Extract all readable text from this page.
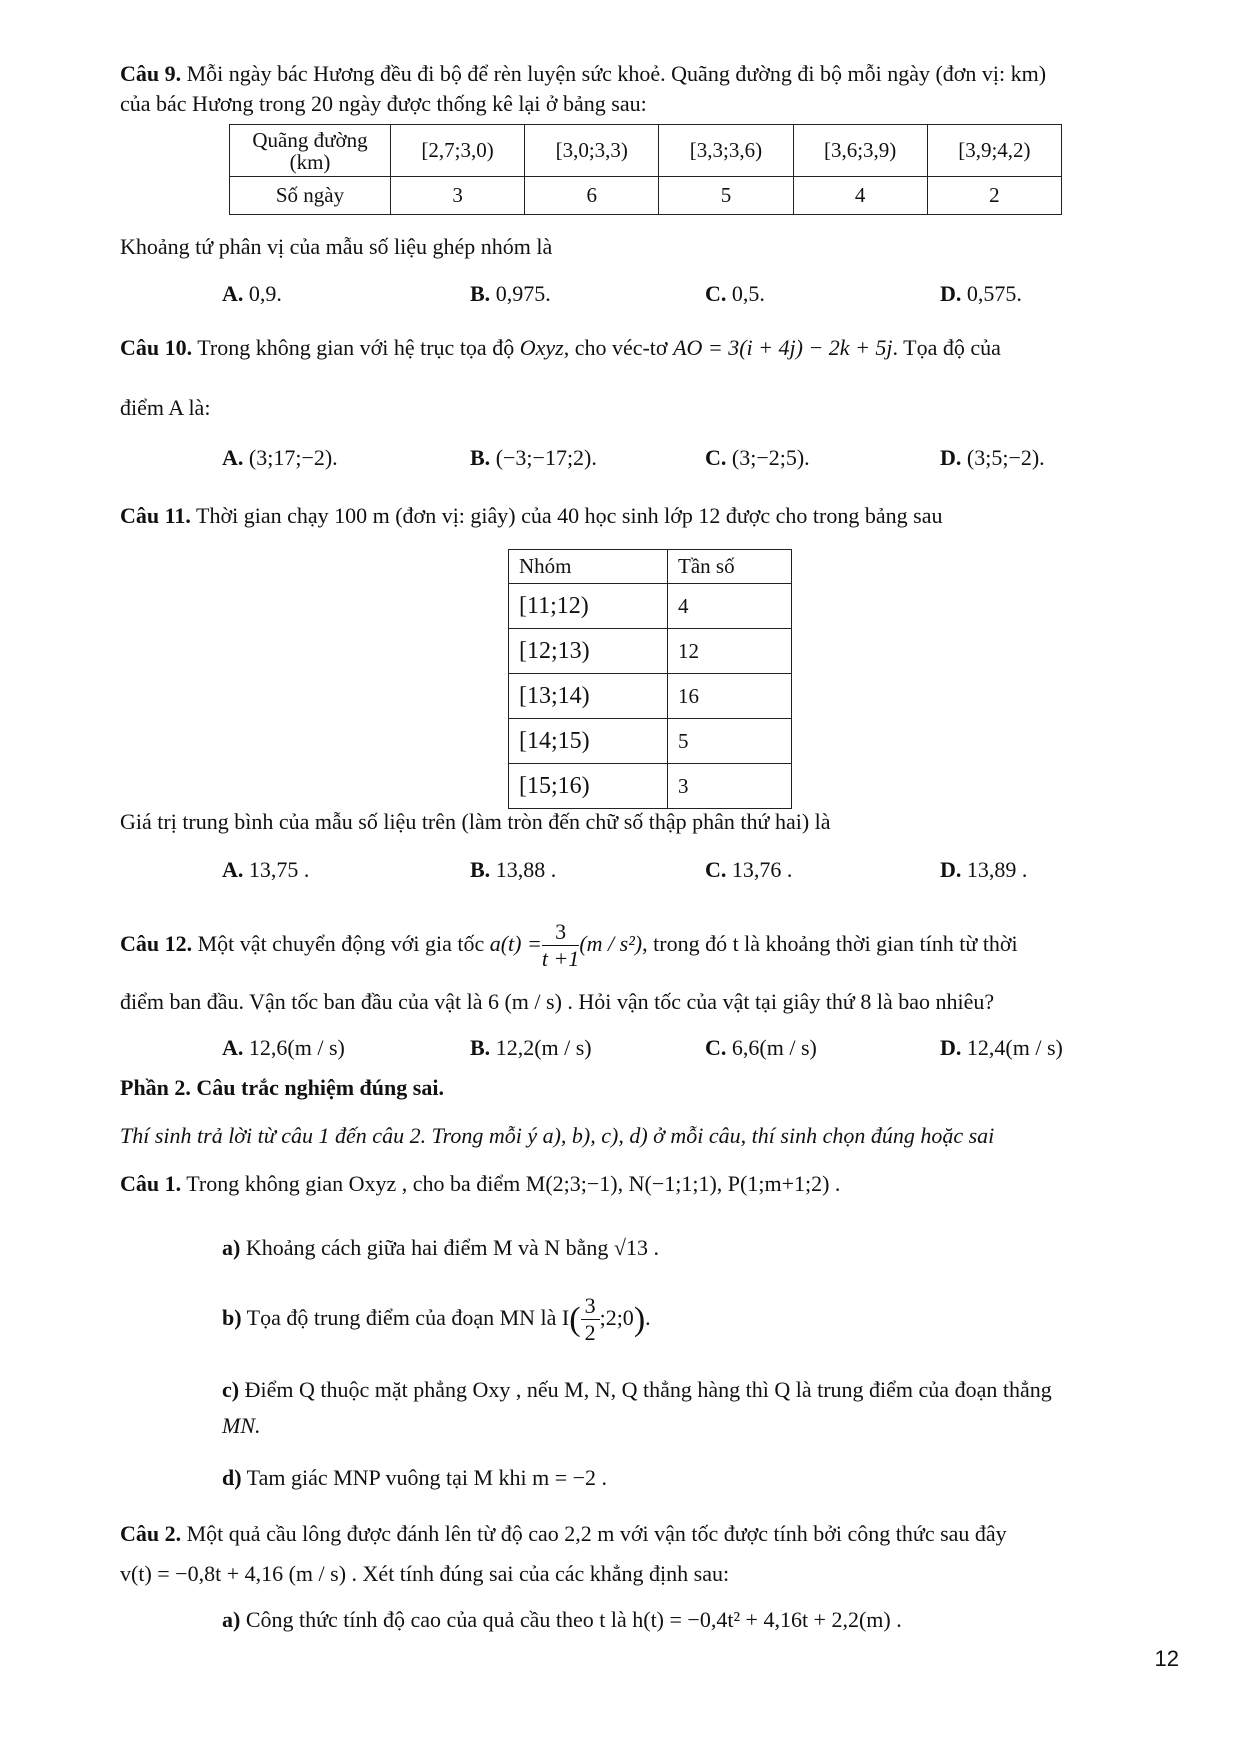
Câu 9. Mỗi ngày bác Hương đều đi bộ để rèn luyện sức khoẻ. Quãng đường đi bộ mỗi ngày (đơn vị: km)
của bác Hương trong 20 ngày được thống kê lại ở bảng sau:
Quãng đường
(km)	[2,7;3,0)	[3,0;3,3)	[3,3;3,6)	[3,6;3,9)	[3,9;4,2)
Số ngày	3	6	5	4	2
Khoảng tứ phân vị của mẫu số liệu ghép nhóm là
A. 0,9.	B. 0,975.	C. 0,5.	D. 0,575.
Câu 10. Trong không gian với hệ trục tọa độ Oxyz, cho véc-tơ AO = 3(i + 4j) − 2k + 5j. Tọa độ của
điểm A là:
A. (3;17;−2).	B. (−3;−17;2).	C. (3;−2;5).	D. (3;5;−2).
Câu 11. Thời gian chạy 100 m (đơn vị: giây) của 40 học sinh lớp 12 được cho trong bảng sau
Nhóm	Tần số
[11;12)	4
[12;13)	12
[13;14)	16
[14;15)	5
[15;16)	3
Giá trị trung bình của mẫu số liệu trên (làm tròn đến chữ số thập phân thứ hai) là
A. 13,75 .	B. 13,88 .	C. 13,76 .	D. 13,89 .
Câu 12. Một vật chuyển động với gia tốc $a(t) = \frac{3}{t +1} (m / s^2)$, trong đó t là khoảng thời gian tính từ thời
điểm ban đầu. Vận tốc ban đầu của vật là 6 (m / s) . Hỏi vận tốc của vật tại giây thứ 8 là bao nhiêu?
A. 12,6(m / s)	B. 12,2(m / s)	C. 6,6(m / s)	D. 12,4(m / s)
Phần 2. Câu trắc nghiệm đúng sai.
Thí sinh trả lời từ câu 1 đến câu 2. Trong mỗi ý a), b), c), d) ở mỗi câu, thí sinh chọn đúng hoặc sai
Câu 1. Trong không gian Oxyz , cho ba điểm M(2;3;−1), N(−1;1;1), P(1;m+1;2) .
a) Khoảng cách giữa hai điểm M và N bằng √13 .
b) Tọa độ trung điểm của đoạn MN là $I( \frac{3}{2}$ ;2;0).
c) Điểm Q thuộc mặt phẳng Oxy , nếu M, N, Q thẳng hàng thì Q là trung điểm của đoạn thẳng
MN.
d) Tam giác MNP vuông tại M khi m = −2 .
Câu 2. Một quả cầu lông được đánh lên từ độ cao 2,2 m với vận tốc được tính bởi công thức sau đây
v(t) = −0,8t + 4,16 (m / s) . Xét tính đúng sai của các khẳng định sau:
a) Công thức tính độ cao của quả cầu theo t là h(t) = −0,4t² + 4,16t + 2,2(m) .
12
